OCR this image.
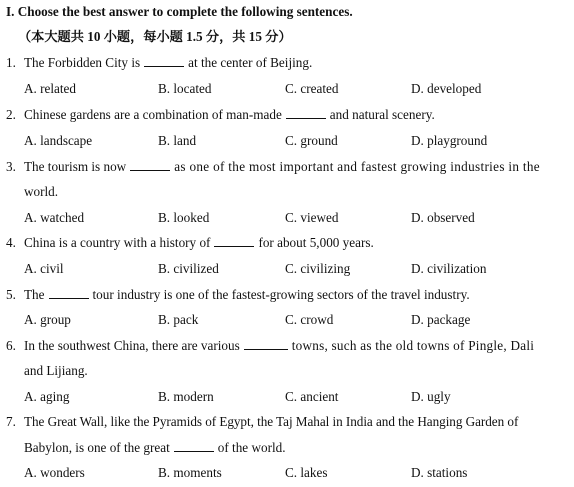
I. Choose the best answer to complete the following sentences.
（本大题共 10 小题，每小题 1.5 分，共 15 分）
1. The Forbidden City is	at the center of Beijing.
A. related	B. located	C. created	D. developed
2. Chinese gardens are a combination of man-made	and natural scenery.
A. landscape	B. land	C. ground	D. playground
3. The tourism is now	as one of the most important and fastest growing industries in the
world.
A. watched	B. looked	C. viewed	D. observed
4. China is a country with a history of	for about 5,000 years.
A. civil	B. civilized	C. civilizing	D. civilization
5. The	tour industry is one of the fastest-growing sectors of the travel industry.
A. group	B. pack	C. crowd	D. package
6. In the southwest China, there are various	towns, such as the old towns of Pingle, Dali
and Lijiang.
A. aging	B. modern	C. ancient	D. ugly
7. The Great Wall, like the Pyramids of Egypt, the Taj Mahal in India and the Hanging Garden of
Babylon, is one of the great	of the world.
A. wonders	B. moments	C. lakes	D. stations
